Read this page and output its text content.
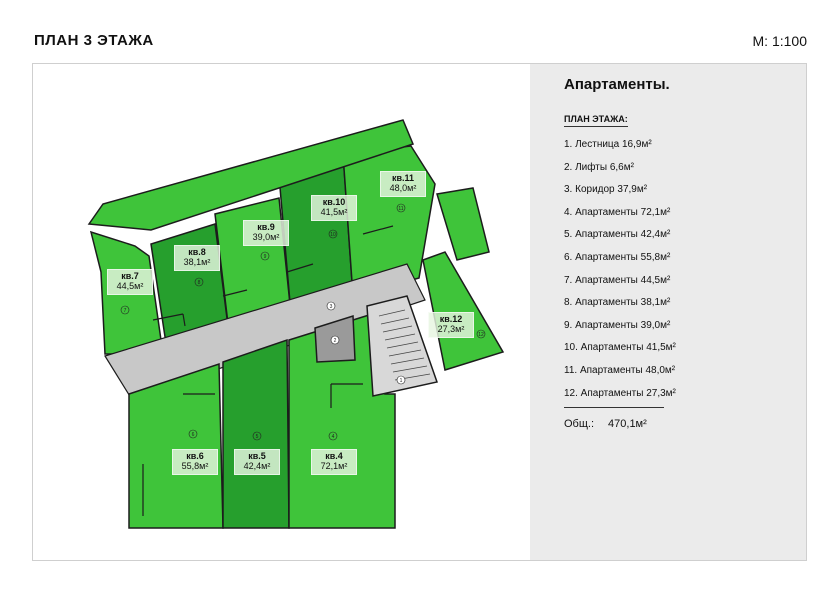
ПЛАН 3 ЭТАЖА	М: 1:100
7
8
9
10
11
12
6	5	4
1
2
3
кв.7
44,5м²
кв.8
38,1м²
кв.9
39,0м²
кв.10
41,5м²
кв.11
48,0м²
кв.12
27,3м²
кв.6
55,8м²
кв.5
42,4м²
кв.4
72,1м²
Апартаменты.
ПЛАН ЭТАЖА:
1. Лестница 16,9м²
2. Лифты 6,6м²
3. Коридор 37,9м²
4. Апартаменты 72,1м²
5. Апартаменты 42,4м²
6. Апартаменты 55,8м²
7. Апартаменты 44,5м²
8. Апартаменты 38,1м²
9. Апартаменты 39,0м²
10. Апартаменты 41,5м²
11. Апартаменты 48,0м²
12. Апартаменты 27,3м²
Общ.: 470,1м²
